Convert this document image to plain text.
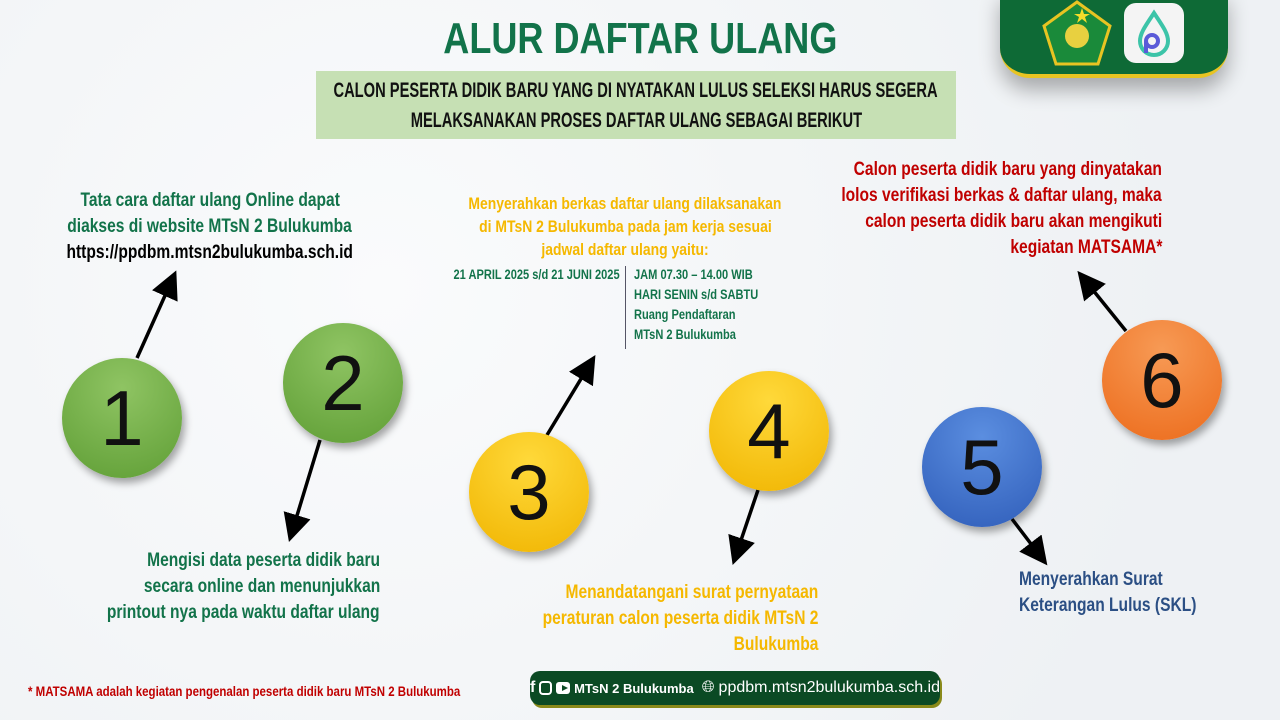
ALUR DAFTAR ULANG
CALON PESERTA DIDIK BARU YANG DI NYATAKAN LULUS SELEKSI HARUS SEGERA
MELAKSANAKAN PROSES DAFTAR ULANG SEBAGAI BERIKUT
1	2
3
4	5
6
Tata cara daftar ulang Online dapat
diakses di website MTsN 2 Bulukumba
https://ppdbm.mtsn2bulukumba.sch.id
Mengisi data peserta didik baru
secara online dan menunjukkan
printout nya pada waktu daftar ulang
Menyerahkan berkas daftar ulang dilaksanakan
di MTsN 2 Bulukumba pada jam kerja sesuai
jadwal daftar ulang yaitu:
21 APRIL 2025 s/d 21 JUNI 2025 JAM 07.30 – 14.00 WIB
HARI SENIN s/d SABTU
Ruang Pendaftaran
MTsN 2 Bulukumba
Menandatangani surat pernyataan
peraturan calon peserta didik MTsN 2
Bulukumba
Menyerahkan Surat
Keterangan Lulus (SKL)
Calon peserta didik baru yang dinyatakan
lolos verifikasi berkas & daftar ulang, maka
calon peserta didik baru akan mengikuti
kegiatan MATSAMA*
* MATSAMA adalah kegiatan pengenalan peserta didik baru MTsN 2 Bulukumba	f	MTsN 2 Bulukumba 🌐︎ ppdbm.mtsn2bulukumba.sch.id
